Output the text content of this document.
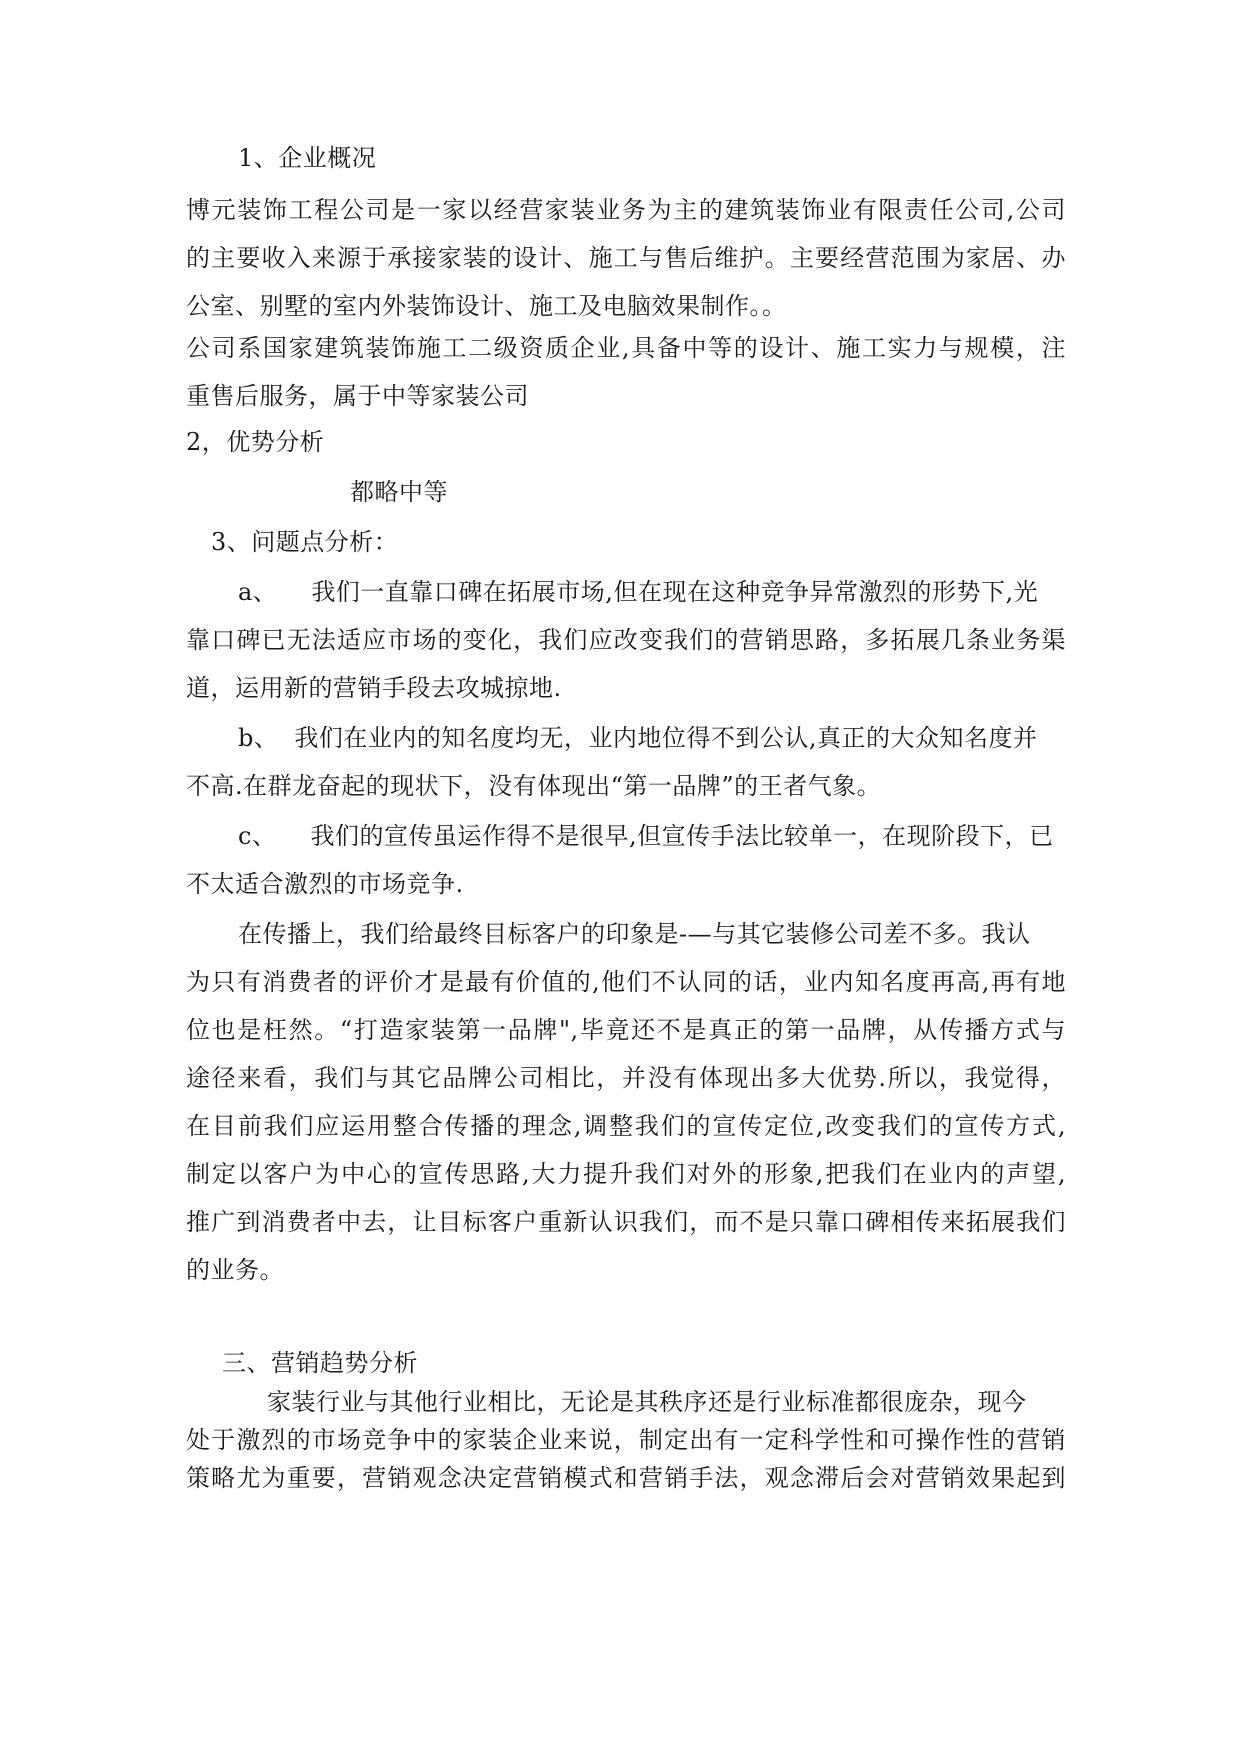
1、企业概况
博元装饰工程公司是一家以经营家装业务为主的建筑装饰业有限责任公司,公司
的主要收入来源于承接家装的设计、施工与售后维护。主要经营范围为家居、办
公室、别墅的室内外装饰设计、施工及电脑效果制作。。
公司系国家建筑装饰施工二级资质企业,具备中等的设计、施工实力与规模，注
重售后服务，属于中等家装公司
2，优势分析
都略中等
3、问题点分析：
a、 我们一直靠口碑在拓展市场,但在现在这种竞争异常激烈的形势下,光
靠口碑已无法适应市场的变化，我们应改变我们的营销思路，多拓展几条业务渠
道，运用新的营销手段去攻城掠地.
b、 我们在业内的知名度均无，业内地位得不到公认,真正的大众知名度并
不高.在群龙奋起的现状下，没有体现出“第一品牌”的王者气象。
c、 我们的宣传虽运作得不是很早,但宣传手法比较单一，在现阶段下，已
不太适合激烈的市场竞争.
在传播上，我们给最终目标客户的印象是-—与其它装修公司差不多。我认
为只有消费者的评价才是最有价值的,他们不认同的话，业内知名度再高,再有地
位也是枉然。“打造家装第一品牌",毕竟还不是真正的第一品牌，从传播方式与
途径来看，我们与其它品牌公司相比，并没有体现出多大优势.所以，我觉得，
在目前我们应运用整合传播的理念,调整我们的宣传定位,改变我们的宣传方式,
制定以客户为中心的宣传思路,大力提升我们对外的形象,把我们在业内的声望,
推广到消费者中去，让目标客户重新认识我们，而不是只靠口碑相传来拓展我们
的业务。
三、营销趋势分析
家装行业与其他行业相比，无论是其秩序还是行业标准都很庞杂，现今
处于激烈的市场竞争中的家装企业来说，制定出有一定科学性和可操作性的营销
策略尤为重要，营销观念决定营销模式和营销手法，观念滞后会对营销效果起到
